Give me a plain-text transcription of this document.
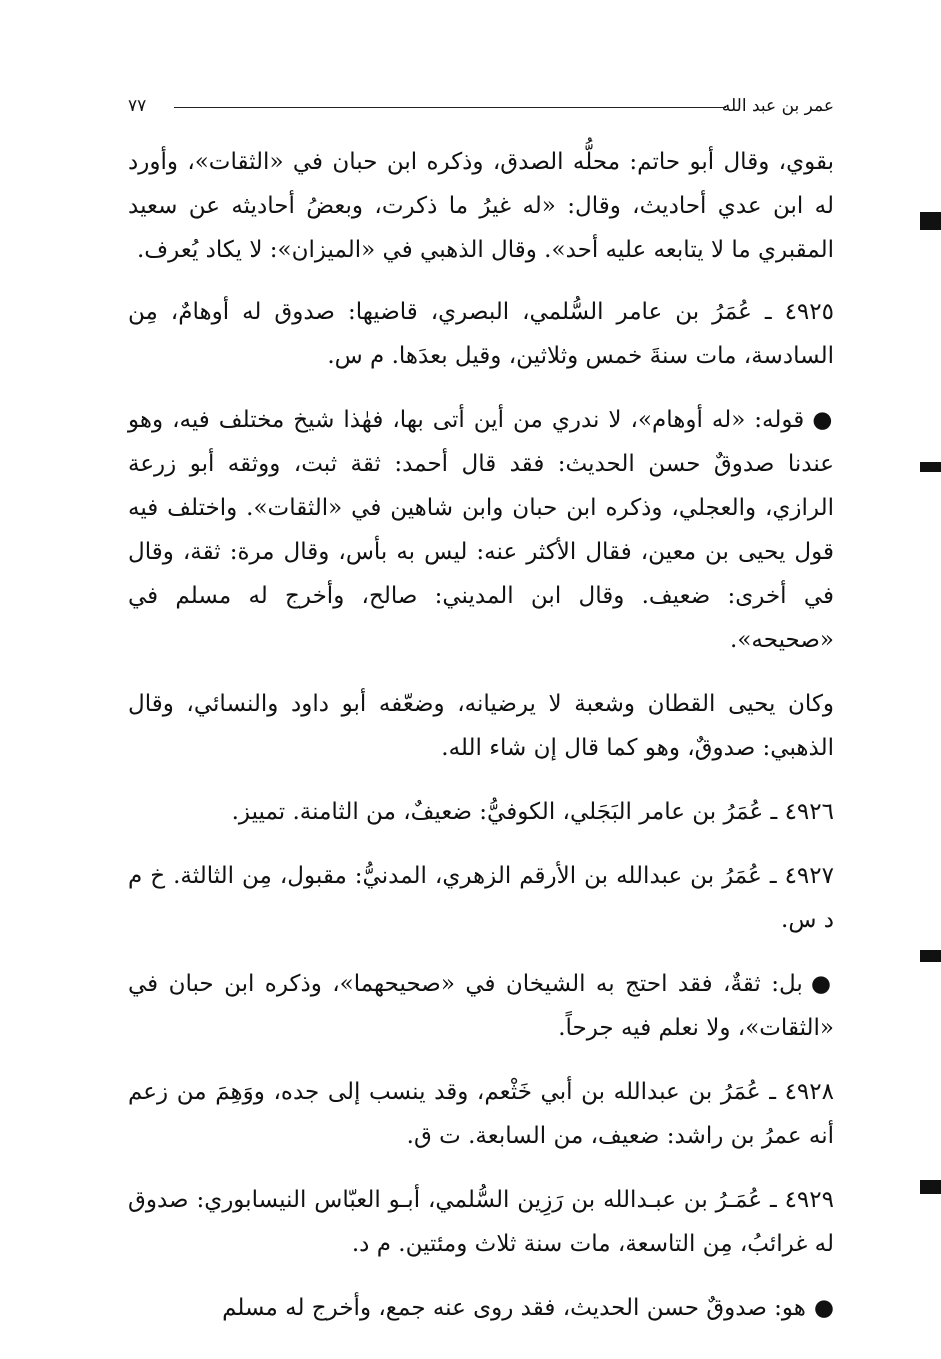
عمر بن عبد الله
٧٧

بقوي، وقال أبو حاتم: محلُّه الصدق، وذكره ابن حبان في «الثقات»، وأورد له ابن عدي أحاديث، وقال: «له غيرُ ما ذكرت، وبعضُ أحاديثه عن سعيد المقبري ما لا يتابعه عليه أحد». وقال الذهبي في «الميزان»: لا يكاد يُعرف.

٤٩٢٥ ـ عُمَرُ بن عامر السُّلمي، البصري، قاضيها: صدوق له أوهامٌ، مِن السادسة، مات سنةَ خمس وثلاثين، وقيل بعدَها. م س.

●قوله: «له أوهام»، لا ندري من أين أتى بها، فهٰذا شيخ مختلف فيه، وهو عندنا صدوقٌ حسن الحديث: فقد قال أحمد: ثقة ثبت، ووثقه أبو زرعة الرازي، والعجلي، وذكره ابن حبان وابن شاهين في «الثقات». واختلف فيه قول يحيى بن معين، فقال الأكثر عنه: ليس به بأس، وقال مرة: ثقة، وقال في أخرى: ضعيف. وقال ابن المديني: صالح، وأخرج له مسلم في «صحيحه».

وكان يحيى القطان وشعبة لا يرضيانه، وضعّفه أبو داود والنسائي، وقال الذهبي: صدوقٌ، وهو كما قال إن شاء الله.

٤٩٢٦ ـ عُمَرُ بن عامر البَجَلي، الكوفيُّ: ضعيفٌ، من الثامنة. تمييز.

٤٩٢٧ ـ عُمَرُ بن عبدالله بن الأرقم الزهري، المدنيُّ: مقبول، مِن الثالثة. خ م د س.

●بل: ثقةٌ، فقد احتج به الشيخان في «صحيحهما»، وذكره ابن حبان في «الثقات»، ولا نعلم فيه جرحاً.

٤٩٢٨ ـ عُمَرُ بن عبدالله بن أبي خَثْعم، وقد ينسب إلى جده، ووَهِمَ من زعم أنه عمرُ بن راشد: ضعيف، من السابعة. ت ق.

٤٩٢٩ ـ عُمَـرُ بن عبـدالله بن رَزِين السُّلمي، أبـو العبّاس النيسابوري: صدوق له غرائبُ، مِن التاسعة، مات سنة ثلاث ومئتين. م د.

●هو: صدوقٌ حسن الحديث، فقد روى عنه جمع، وأخرج له مسلم
